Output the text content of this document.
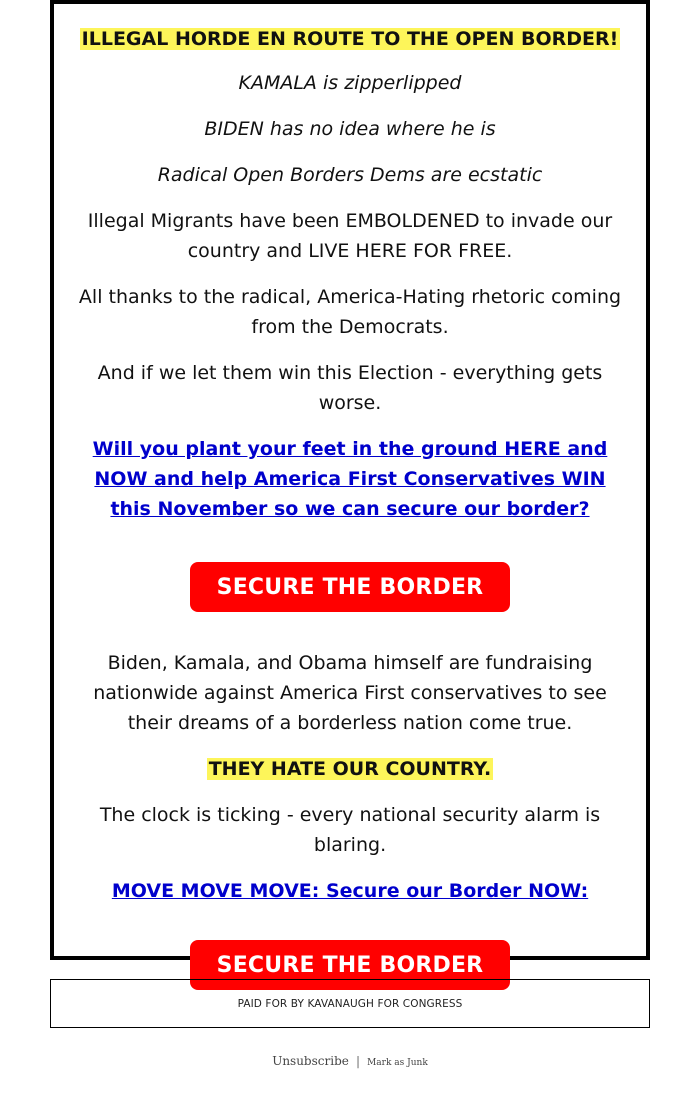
ILLEGAL HORDE EN ROUTE TO THE OPEN BORDER!

KAMALA is zipperlipped

BIDEN has no idea where he is

Radical Open Borders Dems are ecstatic

Illegal Migrants have been EMBOLDENED to invade our country and LIVE HERE FOR FREE.

All thanks to the radical, America-Hating rhetoric coming from the Democrats.

And if we let them win this Election - everything gets worse.

Will you plant your feet in the ground HERE and NOW and help America First Conservatives WIN this November so we can secure our border?

SECURE THE BORDER

Biden, Kamala, and Obama himself are fundraising nationwide against America First conservatives to see their dreams of a borderless nation come true.

THEY HATE OUR COUNTRY.

The clock is ticking - every national security alarm is blaring.

MOVE MOVE MOVE: Secure our Border NOW:

SECURE THE BORDER
PAID FOR BY KAVANAUGH FOR CONGRESS
Unsubscribe | Mark as Junk
